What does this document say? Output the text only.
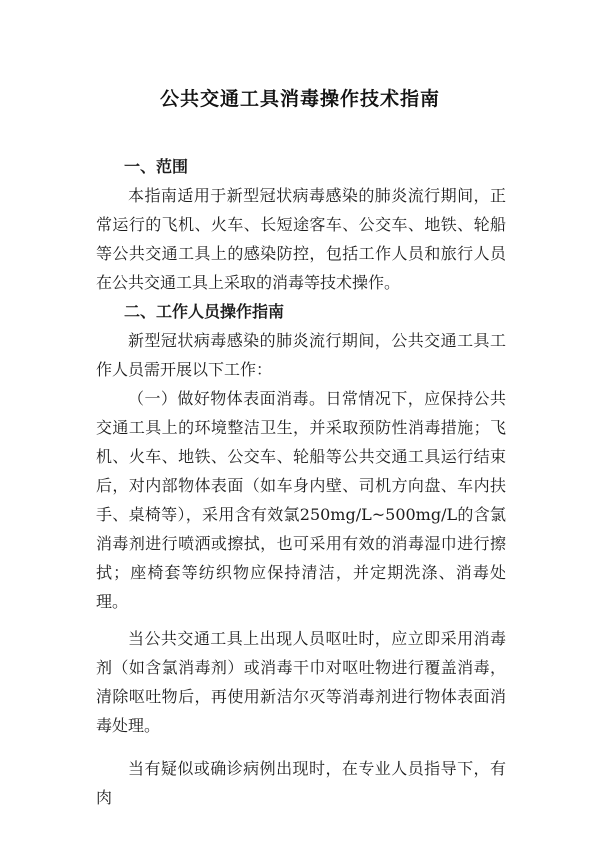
公共交通工具消毒操作技术指南

一、范围

本指南适用于新型冠状病毒感染的肺炎流行期间，正常运行的飞机、火车、长短途客车、公交车、地铁、轮船等公共交通工具上的感染防控，包括工作人员和旅行人员在公共交通工具上采取的消毒等技术操作。

二、工作人员操作指南

新型冠状病毒感染的肺炎流行期间，公共交通工具工作人员需开展以下工作：

（一）做好物体表面消毒。日常情况下，应保持公共交通工具上的环境整洁卫生，并采取预防性消毒措施；飞机、火车、地铁、公交车、轮船等公共交通工具运行结束后，对内部物体表面（如车身内壁、司机方向盘、车内扶手、桌椅等），采用含有效氯250mg/L~500mg/L的含氯消毒剂进行喷洒或擦拭，也可采用有效的消毒湿巾进行擦拭；座椅套等纺织物应保持清洁，并定期洗涤、消毒处理。

当公共交通工具上出现人员呕吐时，应立即采用消毒剂（如含氯消毒剂）或消毒干巾对呕吐物进行覆盖消毒，清除呕吐物后，再使用新洁尔灭等消毒剂进行物体表面消毒处理。

当有疑似或确诊病例出现时，在专业人员指导下，有肉
